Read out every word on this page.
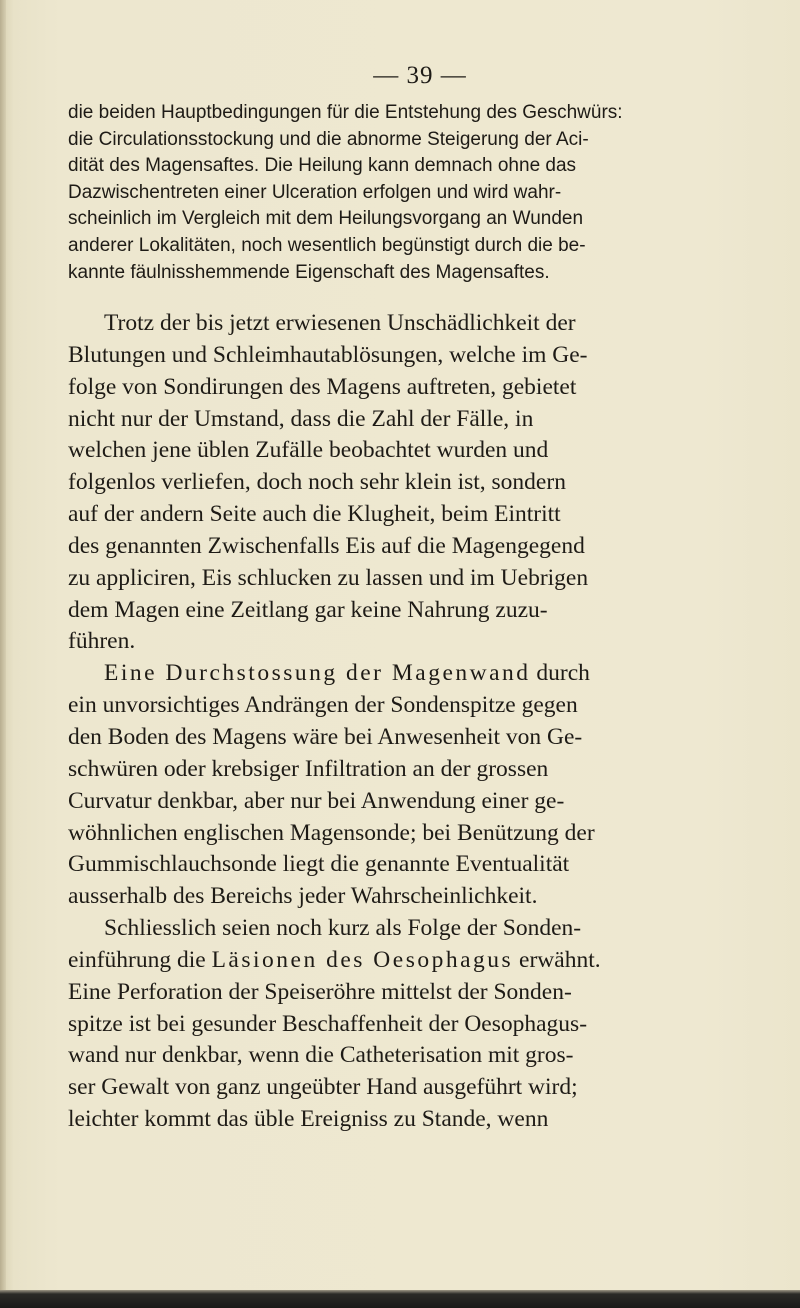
— 39 —
die beiden Hauptbedingungen für die Entstehung des Geschwürs:
die Circulationsstockung und die abnorme Steigerung der Aci-
dität des Magensaftes. Die Heilung kann demnach ohne das
Dazwischentreten einer Ulceration erfolgen und wird wahr-
scheinlich im Vergleich mit dem Heilungsvorgang an Wunden
anderer Lokalitäten, noch wesentlich begünstigt durch die be-
kannte fäulnisshemmende Eigenschaft des Magensaftes.
Trotz der bis jetzt erwiesenen Unschädlichkeit der
Blutungen und Schleimhautablösungen, welche im Ge-
folge von Sondirungen des Magens auftreten, gebietet
nicht nur der Umstand, dass die Zahl der Fälle, in
welchen jene üblen Zufälle beobachtet wurden und
folgenlos verliefen, doch noch sehr klein ist, sondern
auf der andern Seite auch die Klugheit, beim Eintritt
des genannten Zwischenfalls Eis auf die Magengegend
zu appliciren, Eis schlucken zu lassen und im Uebrigen
dem Magen eine Zeitlang gar keine Nahrung zuzu-
führen.
Eine Durchstossung der Magenwand durch
ein unvorsichtiges Andrängen der Sondenspitze gegen
den Boden des Magens wäre bei Anwesenheit von Ge-
schwüren oder krebsiger Infiltration an der grossen
Curvatur denkbar, aber nur bei Anwendung einer ge-
wöhnlichen englischen Magensonde; bei Benützung der
Gummischlauchsonde liegt die genannte Eventualität
ausserhalb des Bereichs jeder Wahrscheinlichkeit.
Schliesslich seien noch kurz als Folge der Sonden-
einführung die Läsionen des Oesophagus erwähnt.
Eine Perforation der Speiseröhre mittelst der Sonden-
spitze ist bei gesunder Beschaffenheit der Oesophagus-
wand nur denkbar, wenn die Catheterisation mit gros-
ser Gewalt von ganz ungeübter Hand ausgeführt wird;
leichter kommt das üble Ereigniss zu Stande, wenn
